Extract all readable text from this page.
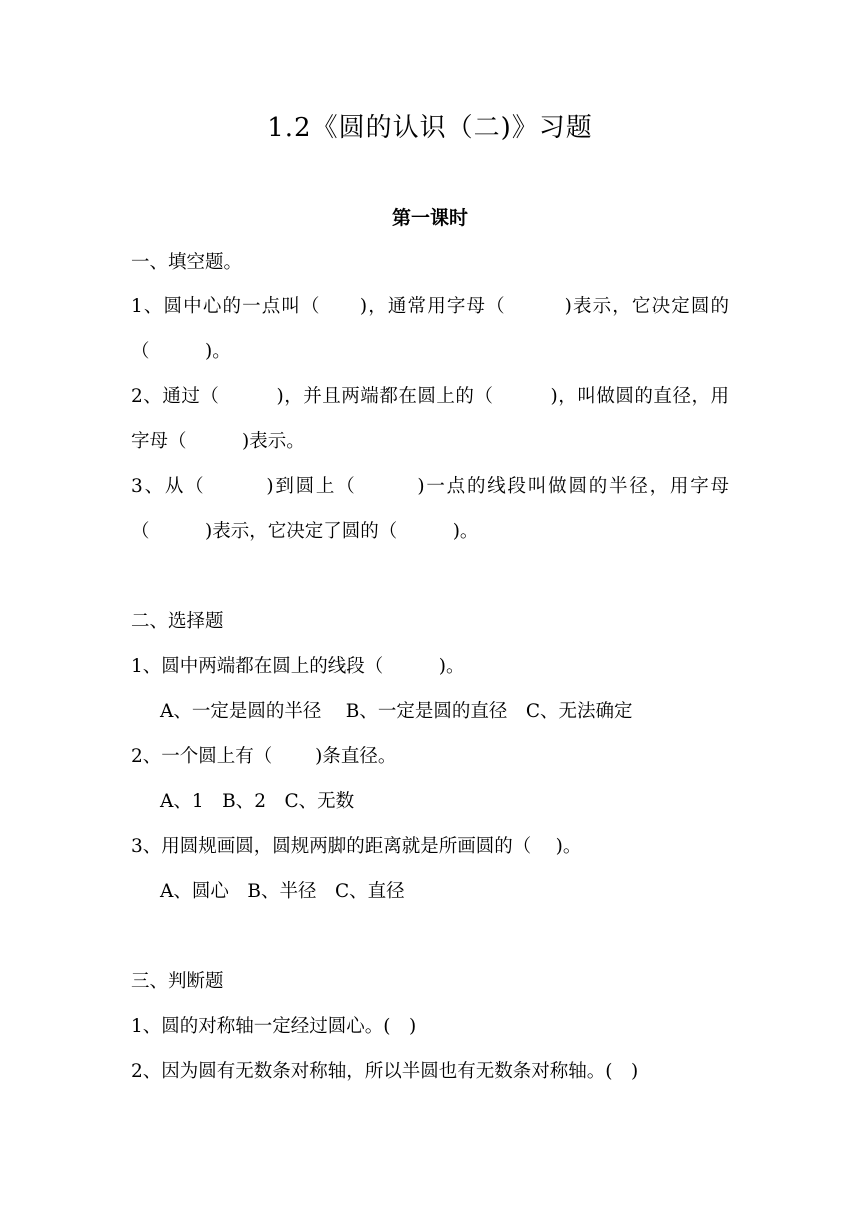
1.2《圆的认识（二)》习题
第一课时
一、填空题。
1、圆中心的一点叫（　　)，通常用字母（　　　)表示，它决定圆的
（　　　)。
2、通过（　　　)，并且两端都在圆上的（　　　)，叫做圆的直径，用
字母（　　　)表示。
3、从（　　　)到圆上（　　　)一点的线段叫做圆的半径，用字母
（　　　)表示，它决定了圆的（　　　)。
二、选择题
1、圆中两端都在圆上的线段（　　　)。
A、一定是圆的半径　 B、一定是圆的直径　C、无法确定
2、一个圆上有（　　 )条直径。
A、1　B、2　C、无数
3、用圆规画圆，圆规两脚的距离就是所画圆的（　 )。
A、圆心　B、半径　C、直径
三、判断题
1、圆的对称轴一定经过圆心。(　)
2、因为圆有无数条对称轴，所以半圆也有无数条对称轴。(　)
